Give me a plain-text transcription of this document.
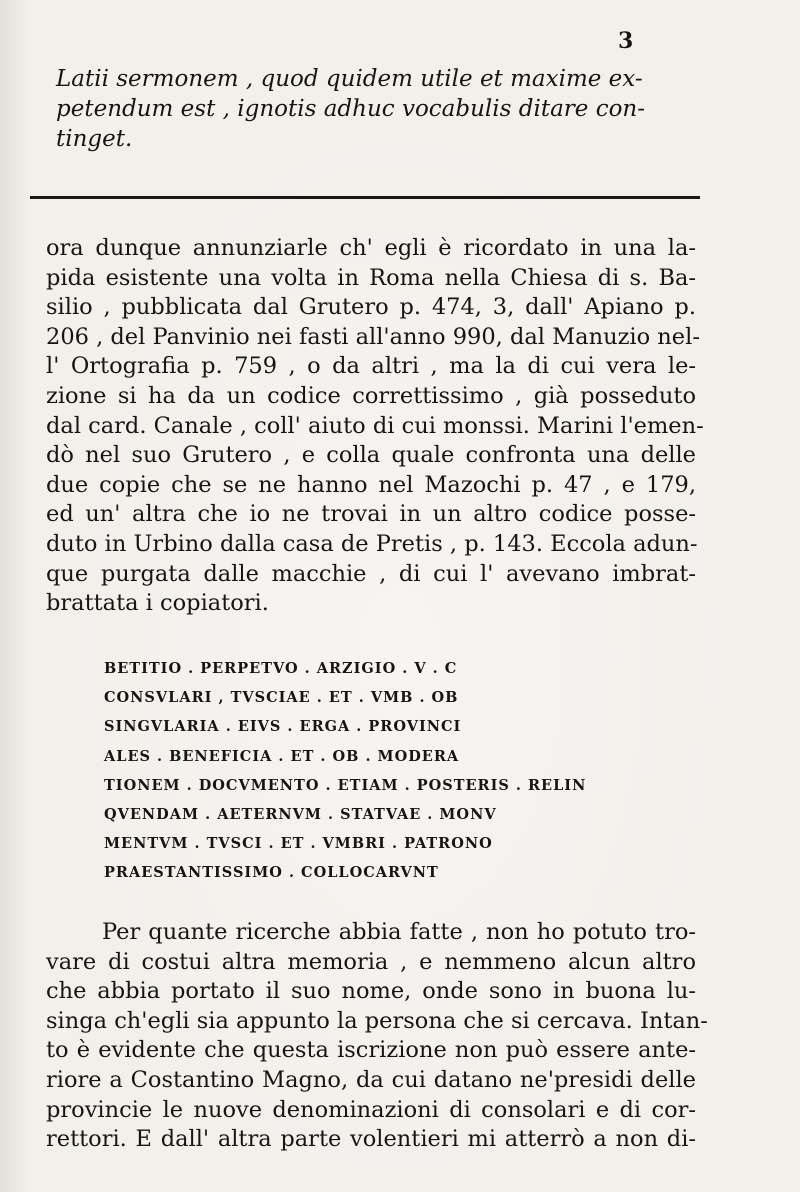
3
Latii sermonem , quod quidem utile et maxime ex-
petendum est , ignotis adhuc vocabulis ditare con-
tinget.
ora dunque annunziarle ch' egli è ricordato in una la-
pida esistente una volta in Roma nella Chiesa di s. Ba-
silio , pubblicata dal Grutero p. 474, 3, dall' Apiano p.
206 , del Panvinio nei fasti all'anno 990, dal Manuzio nel-
l' Ortografia p. 759 , o da altri , ma la di cui vera le-
zione si ha da un codice correttissimo , già posseduto
dal card. Canale , coll' aiuto di cui monssi. Marini l'emen-
dò nel suo Grutero , e colla quale confronta una delle
due copie che se ne hanno nel Mazochi p. 47 , e 179,
ed un' altra che io ne trovai in un altro codice posse-
duto in Urbino dalla casa de Pretis , p. 143. Eccola adun-
que purgata dalle macchie , di cui l' avevano imbrat-
brattata i copiatori.
BETITIO . PERPETVO . ARZIGIO . V . C
CONSVLARI , TVSCIAE . ET . VMB . OB
SINGVLARIA . EIVS . ERGA . PROVINCI
ALES . BENEFICIA . ET . OB . MODERA
TIONEM . DOCVMENTO . ETIAM . POSTERIS . RELIN
QVENDAM . AETERNVM . STATVAE . MONV
MENTVM . TVSCI . ET . VMBRI . PATRONO
PRAESTANTISSIMO . COLLOCARVNT
Per quante ricerche abbia fatte , non ho potuto tro-
vare di costui altra memoria , e nemmeno alcun altro
che abbia portato il suo nome, onde sono in buona lu-
singa ch'egli sia appunto la persona che si cercava. Intan-
to è evidente che questa iscrizione non può essere ante-
riore a Costantino Magno, da cui datano ne'presidi delle
provincie le nuove denominazioni di consolari e di cor-
rettori. E dall' altra parte volentieri mi atterrò a non di-
